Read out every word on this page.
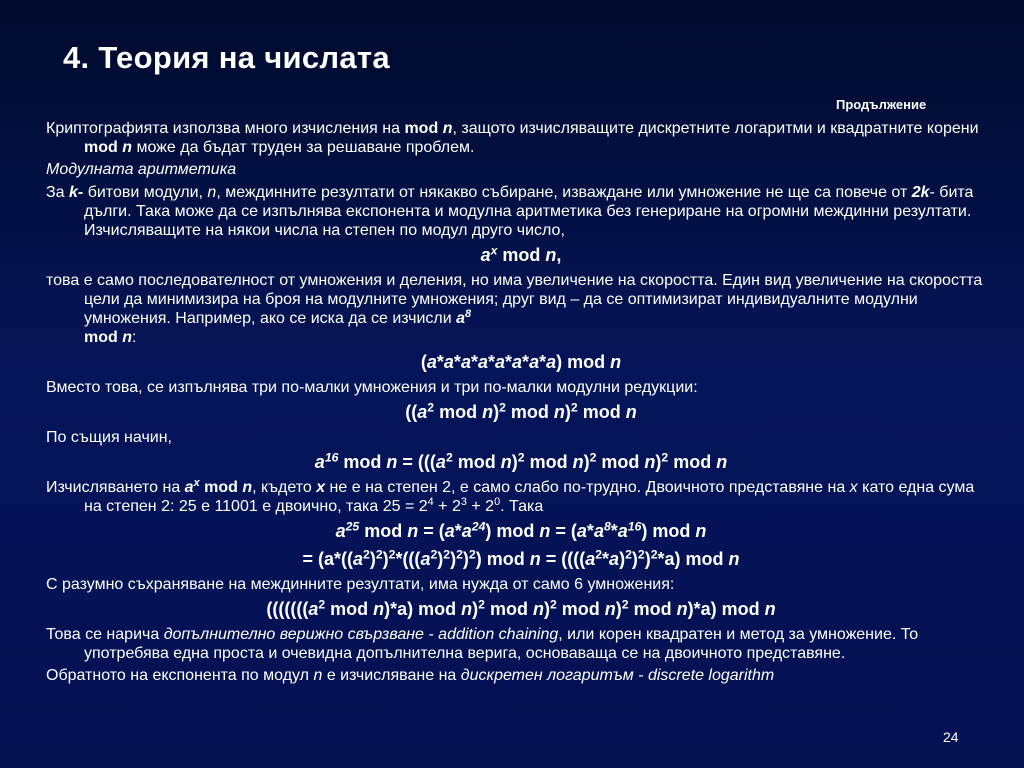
4. Теория на числата
Продължение
Криптографията използва много изчисления на mod n, защото изчисляващите дискретните логаритми и квадратните корени mod n може да бъдат труден за решаване проблем.
Модулната аритметика
За k- битови модули, n, междинните резултати от някакво събиране, изваждане или умножение не ще са повече от 2k- бита дълги. Така може да се изпълнява експонента и модулна аритметика без генериране на огромни междинни резултати. Изчисляващите на някои числа на степен по модул друго число,
$a^x$ mod n,
това е само последователност от умножения и деления, но има увеличение на скоростта. Един вид увеличение на скоростта цели да минимизира на броя на модулните умножения; друг вид – да се оптимизират индивидуалните модулни умножения. Например, ако се иска да се изчисли $a^8$
mod n:
(a*a*a*a*a*a*a*a) mod n
Вместо това, се изпълнява три по-малки умножения и три по-малки модулни редукции:
(($a^2$ mod n)$^2$ mod n)$^2$ mod n
По същия начин,
$a^{16}$ mod $n = (((a^2$ mod n)$^2$ mod n)$^2$ mod n)$^2$ mod n
Изчисляването на $a^x$ mod n, където x не е на степен 2, е само слабо по-трудно. Двоичното представяне на x като една сума на степен 2: 25 е 11001 е двоично, така $25 = 2^4 + 2^3 + 2^0$. Така
$a^{25}$ mod $n = (a*a^{24})$ mod $n = (a*a^8*a^{16})$ mod n
= $(a*((a^2)^2)^2*(((a^2)^2)^2)^2)$ mod $n = ((((a^2*a)^2)^2)^2*a)$ mod n
С разумно съхраняване на междинните резултати, има нужда от само 6 умножения:
((((((($a^2$ mod n)*a) mod n)$^2$ mod n)$^2$ mod n)$^2$ mod n)*a) mod n
Това се нарича допълнително верижно свързване - addition chaining, или корен квадратен и метод за умножение. То употребява една проста и очевидна допълнителна верига, основаваща се на двоичното представяне.
Обратното на експонента по модул n е изчисляване на дискретен логаритъм - discrete logarithm
24
